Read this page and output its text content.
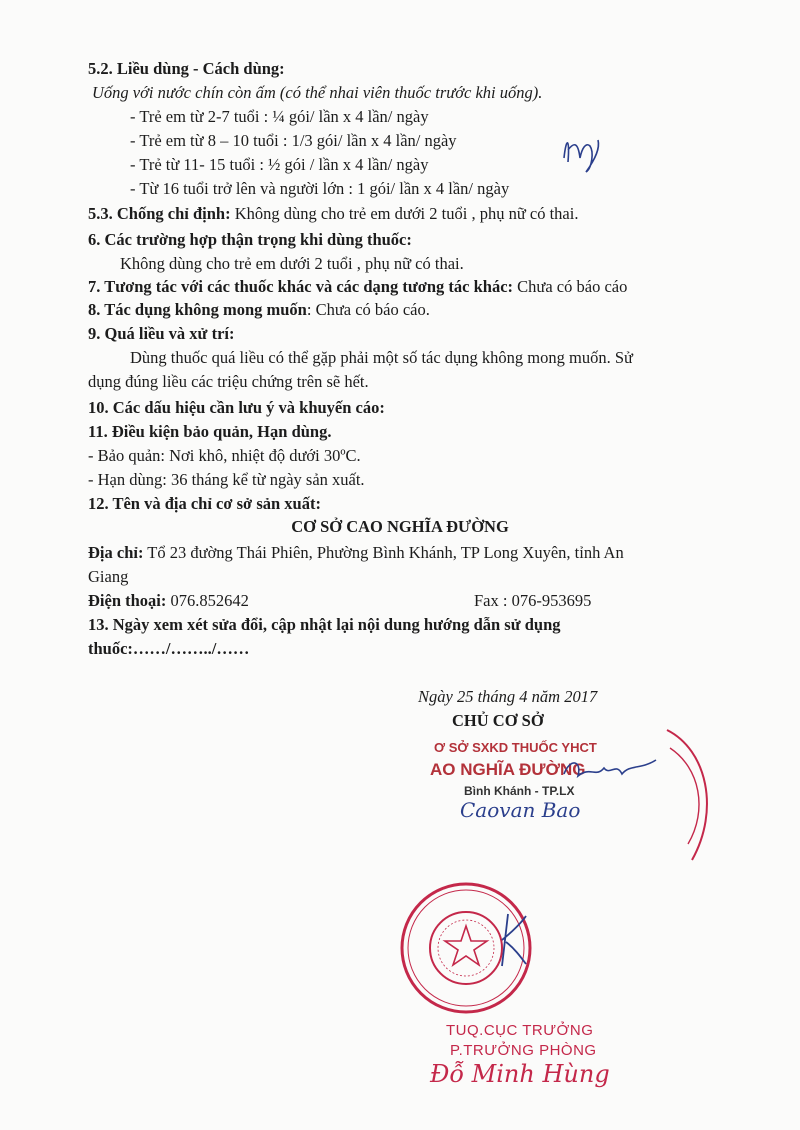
5.2. Liều dùng - Cách dùng:
Uống với nước chín còn ấm (có thể nhai viên thuốc trước khi uống).
- Trẻ em từ 2-7 tuổi : ¼ gói/ lần x 4 lần/ ngày
- Trẻ em từ 8 – 10 tuổi : 1/3 gói/ lần x 4 lần/ ngày
- Trẻ từ 11- 15 tuổi : ½ gói / lần x 4 lần/ ngày
- Từ 16 tuổi trở lên và người lớn : 1 gói/ lần x 4 lần/ ngày
5.3. Chống chỉ định: Không dùng cho trẻ em dưới 2 tuổi , phụ nữ có thai.
6. Các trường hợp thận trọng khi dùng thuốc:
Không dùng cho trẻ em dưới 2 tuổi , phụ nữ có thai.
7. Tương tác với các thuốc khác và các dạng tương tác khác: Chưa có báo cáo
8. Tác dụng không mong muốn: Chưa có báo cáo.
9. Quá liều và xử trí:
Dùng thuốc quá liều có thể gặp phải một số tác dụng không mong muốn. Sử
dụng đúng liều các triệu chứng trên sẽ hết.
10. Các dấu hiệu cần lưu ý và khuyến cáo:
11. Điều kiện bảo quản, Hạn dùng.
- Bảo quản: Nơi khô, nhiệt độ dưới 30ºC.
- Hạn dùng: 36 tháng kể từ ngày sản xuất.
12. Tên và địa chỉ cơ sở sản xuất:
CƠ SỞ CAO NGHĨA ĐƯỜNG
Địa chỉ: Tổ 23 đường Thái Phiên, Phường Bình Khánh, TP Long Xuyên, tỉnh An
Giang
Điện thoại: 076.852642	Fax : 076-953695
13. Ngày xem xét sửa đổi, cập nhật lại nội dung hướng dẫn sử dụng
thuốc:……/……../……
Ngày 25 tháng 4 năm 2017
CHỦ CƠ SỞ
Ơ SỞ SXKD THUỐC YHCT
AO NGHĨA ĐƯỜNG
Bình Khánh - TP.LX
Caovan Bao
TUQ.CỤC TRƯỞNG
P.TRƯỞNG PHÒNG
Đỗ Minh Hùng
